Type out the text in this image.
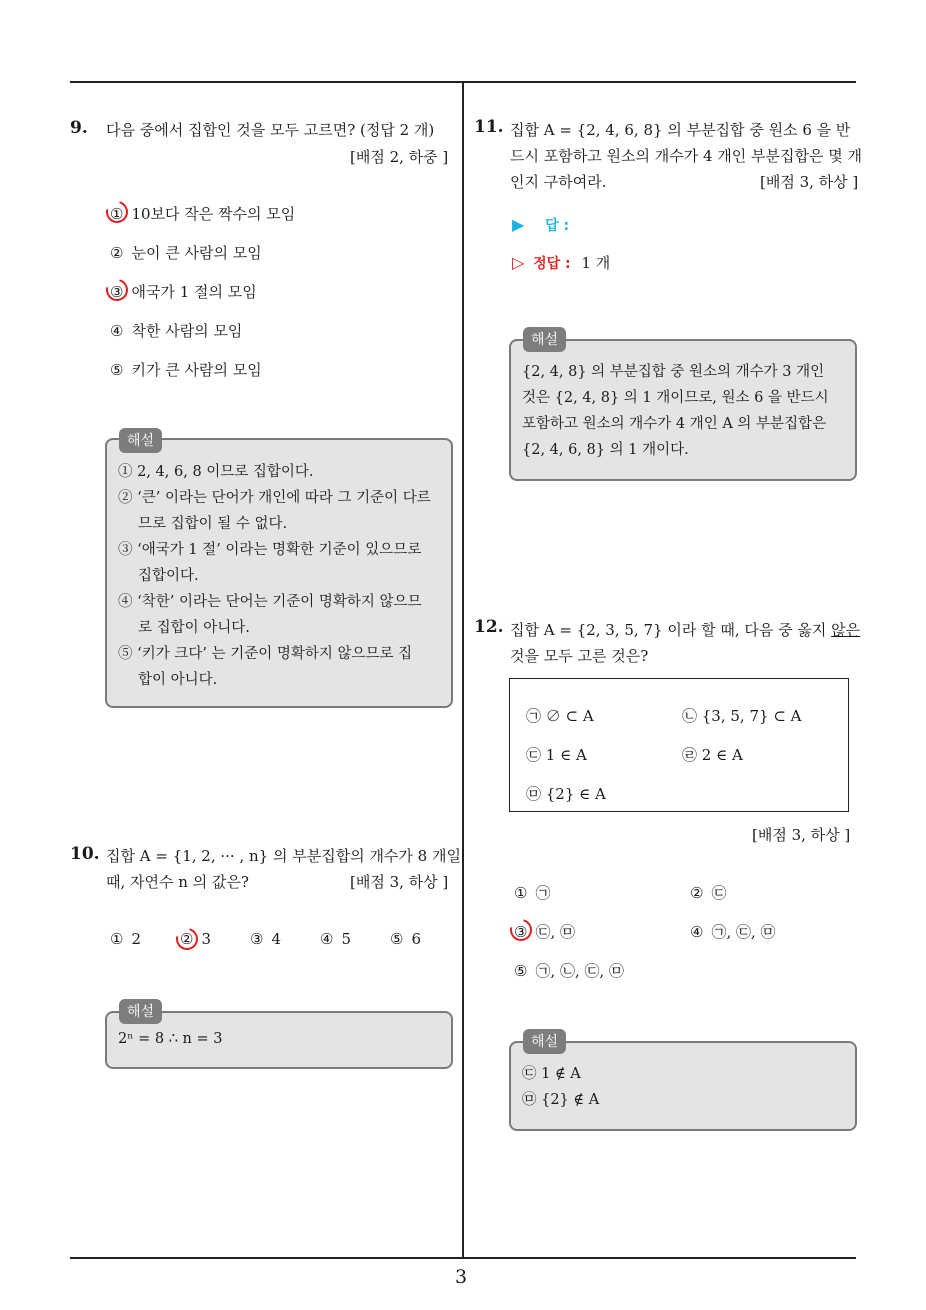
3
9. 다음 중에서 집합인 것을 모두 고르면? (정답 2 개)
[배점 2, 하중 ]
① 10보다 작은 짝수의 모임
② 눈이 큰 사람의 모임
③ 애국가 1 절의 모임
④ 착한 사람의 모임
⑤ 키가 큰 사람의 모임
해설
① 2, 4, 6, 8 이므로 집합이다.
② ‘큰’ 이라는 단어가 개인에 따라 그 기준이 다르
므로 집합이 될 수 없다.
③ ‘애국가 1 절’ 이라는 명확한 기준이 있으므로
집합이다.
④ ‘착한’ 이라는 단어는 기준이 명확하지 않으므
로 집합이 아니다.
⑤ ‘키가 크다’ 는 기준이 명확하지 않으므로 집
합이 아니다.
10. 집합 A = {1, 2, ··· , n} 의 부분집합의 개수가 8 개일
때, 자연수 n 의 값은?	[배점 3, 하상 ]
① 2	② 3	③ 4	④ 5	⑤ 6
해설
2ⁿ = 8 ∴ n = 3
11. 집합 A = {2, 4, 6, 8} 의 부분집합 중 원소 6 을 반
드시 포함하고 원소의 개수가 4 개인 부분집합은 몇 개
인지 구하여라.	[배점 3, 하상 ]
▶ 답 :
▷ 정답 : 1 개
해설
{2, 4, 8} 의 부분집합 중 원소의 개수가 3 개인
것은 {2, 4, 8} 의 1 개이므로, 원소 6 을 반드시
포함하고 원소의 개수가 4 개인 A 의 부분집합은
{2, 4, 6, 8} 의 1 개이다.
12. 집합 A = {2, 3, 5, 7} 이라 할 때, 다음 중 옳지 않은
것을 모두 고른 것은?
㉠ ∅ ⊂ A	㉡ {3, 5, 7} ⊂ A
㉢ 1 ∈ A	㉣ 2 ∈ A
㉤ {2} ∈ A
[배점 3, 하상 ]
① ㉠	② ㉢
③ ㉢, ㉤	④ ㉠, ㉢, ㉤
⑤ ㉠, ㉡, ㉢, ㉤
해설
㉢ 1 ∉ A
㉤ {2} ∉ A
